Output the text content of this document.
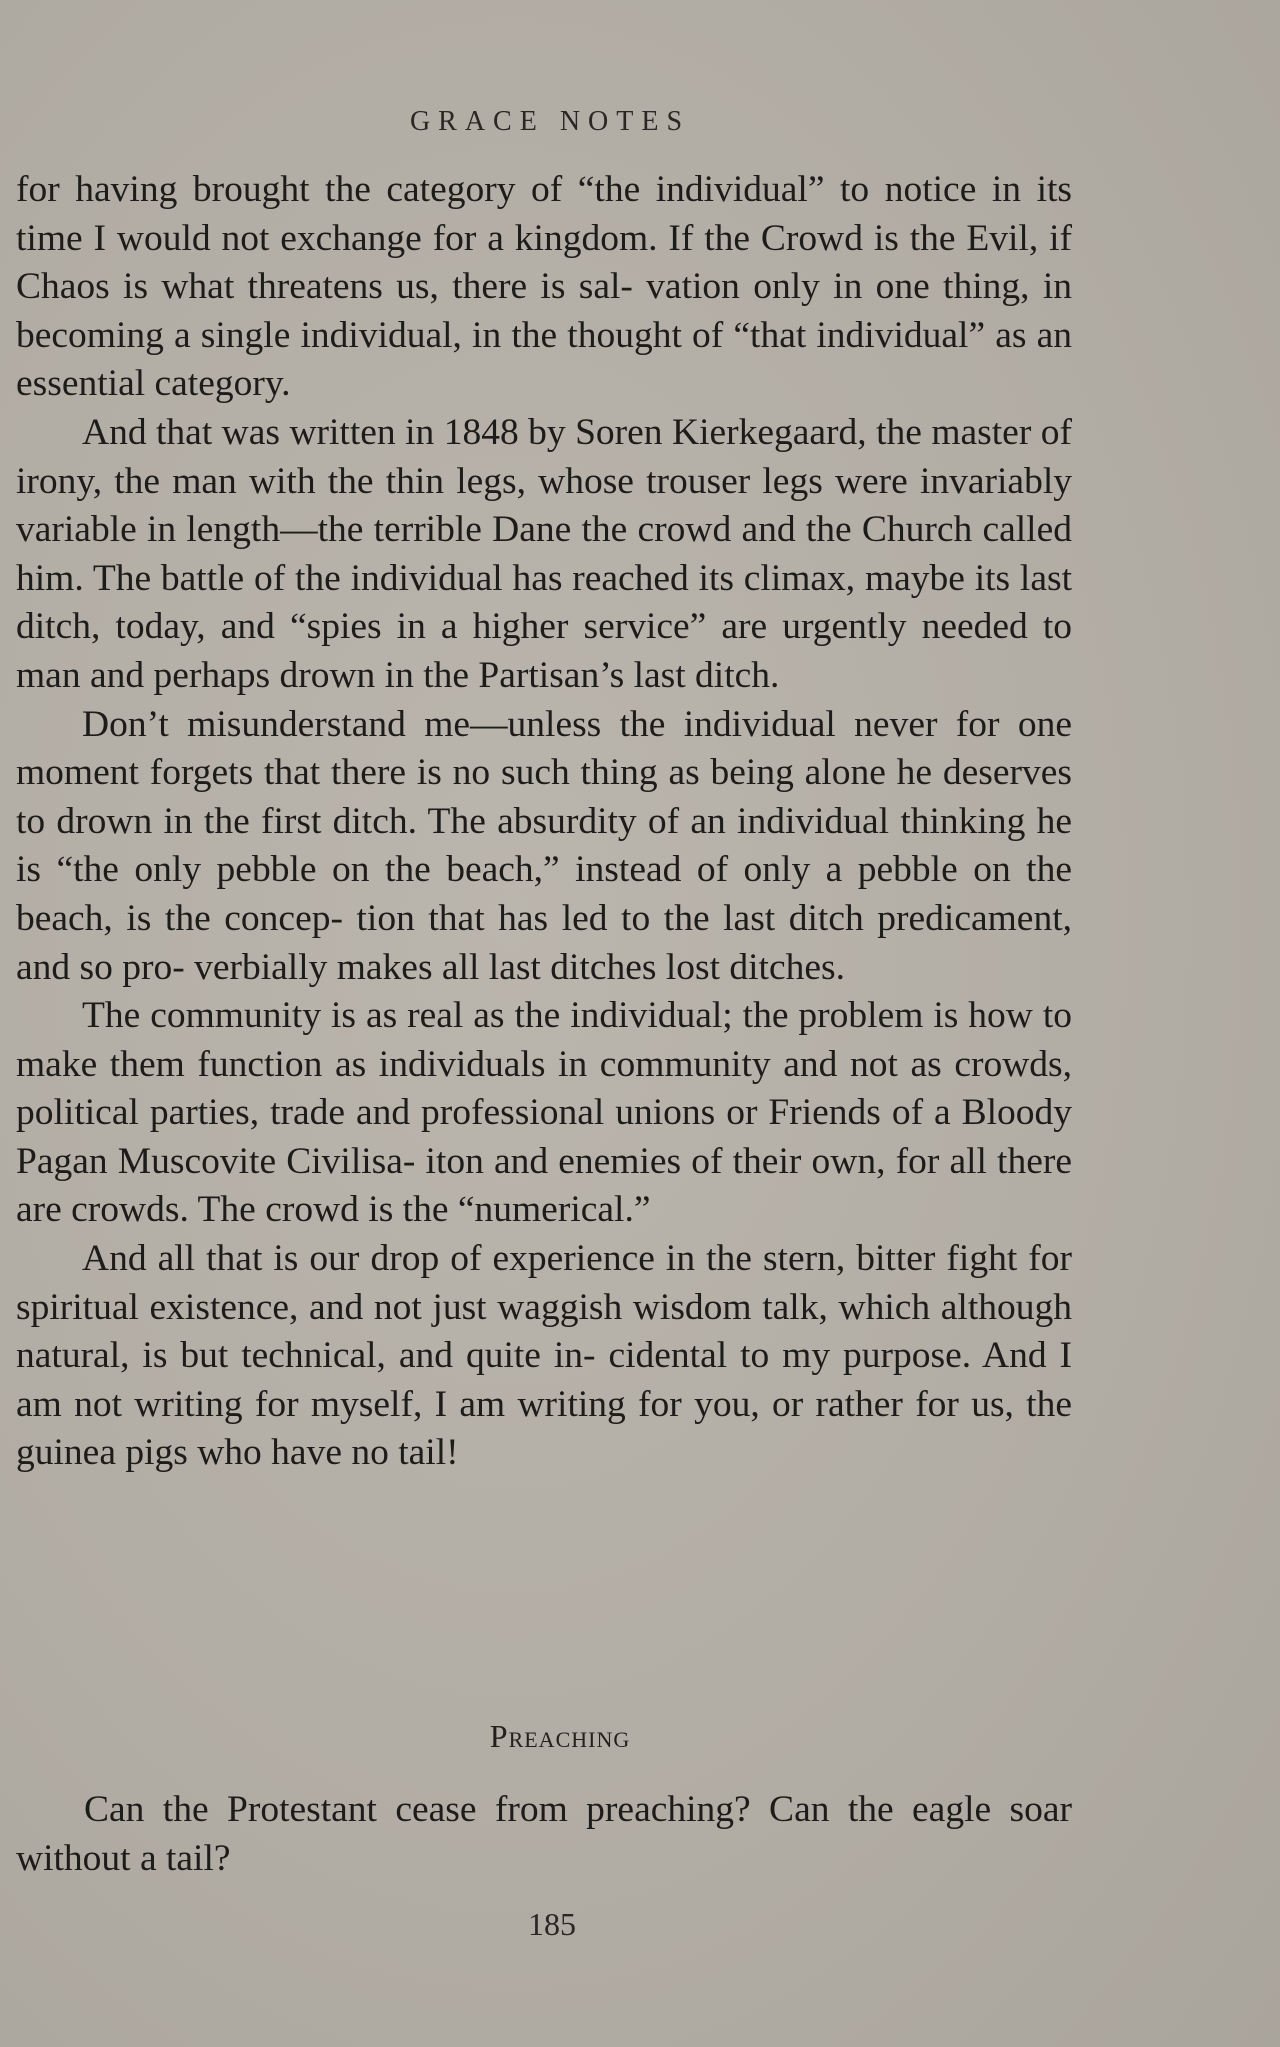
GRACE NOTES

for having brought the category of “the individual” to notice in its time I would not exchange for a kingdom. If the Crowd is the Evil, if Chaos is what threatens us, there is sal- vation only in one thing, in becoming a single individual, in the thought of “that individual” as an essential category.

And that was written in 1848 by Soren Kierkegaard, the master of irony, the man with the thin legs, whose trouser legs were invariably variable in length—the terrible Dane the crowd and the Church called him. The battle of the individual has reached its climax, maybe its last ditch, today, and “spies in a higher service” are urgently needed to man and perhaps drown in the Partisan’s last ditch.

Don’t misunderstand me—unless the individual never for one moment forgets that there is no such thing as being alone he deserves to drown in the first ditch. The absurdity of an individual thinking he is “the only pebble on the beach,” instead of only a pebble on the beach, is the concep- tion that has led to the last ditch predicament, and so pro- verbially makes all last ditches lost ditches.

The community is as real as the individual; the problem is how to make them function as individuals in community and not as crowds, political parties, trade and professional unions or Friends of a Bloody Pagan Muscovite Civilisa- iton and enemies of their own, for all there are crowds. The crowd is the “numerical.”

And all that is our drop of experience in the stern, bitter fight for spiritual existence, and not just waggish wisdom talk, which although natural, is but technical, and quite in- cidental to my purpose. And I am not writing for myself, I am writing for you, or rather for us, the guinea pigs who have no tail!

Preaching

Can the Protestant cease from preaching? Can the eagle soar without a tail?

185
